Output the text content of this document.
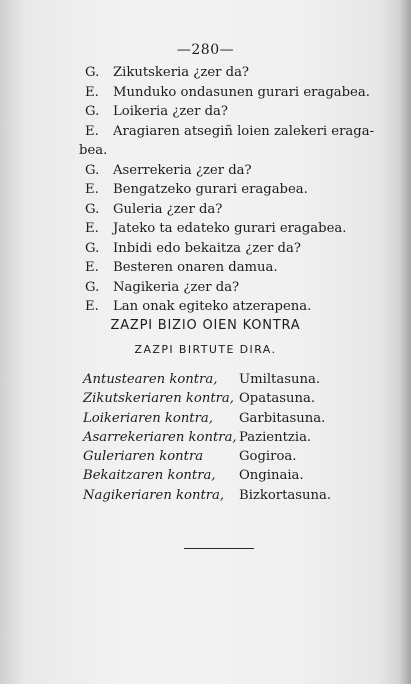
—280—
G.	Zikutskeria ¿zer da?
E.	Munduko ondasunen gurari eragabea.
G.	Loikeria ¿zer da?
E.	Aragiaren atsegiñ loien zalekeri eraga-
bea.
G.	Aserrekeria ¿zer da?
E.	Bengatzeko gurari eragabea.
G.	Guleria ¿zer da?
E.	Jateko ta edateko gurari eragabea.
G.	Inbidi edo bekaitza ¿zer da?
E.	Besteren onaren damua.
G.	Nagikeria ¿zer da?
E.	Lan onak egiteko atzerapena.
ZAZPI BIZIO OIEN KONTRA
ZAZPI BIRTUTE DIRA.
Antustearen kontra,	Umiltasuna.
Zikutskeriaren kontra, Opatasuna.
Loikeriaren kontra,	Garbitasuna.
Asarrekeriaren kontra, Pazientzia.
Guleriaren kontra	Gogiroa.
Bekaitzaren kontra,	Onginaia.
Nagikeriaren kontra,	Bizkortasuna.
